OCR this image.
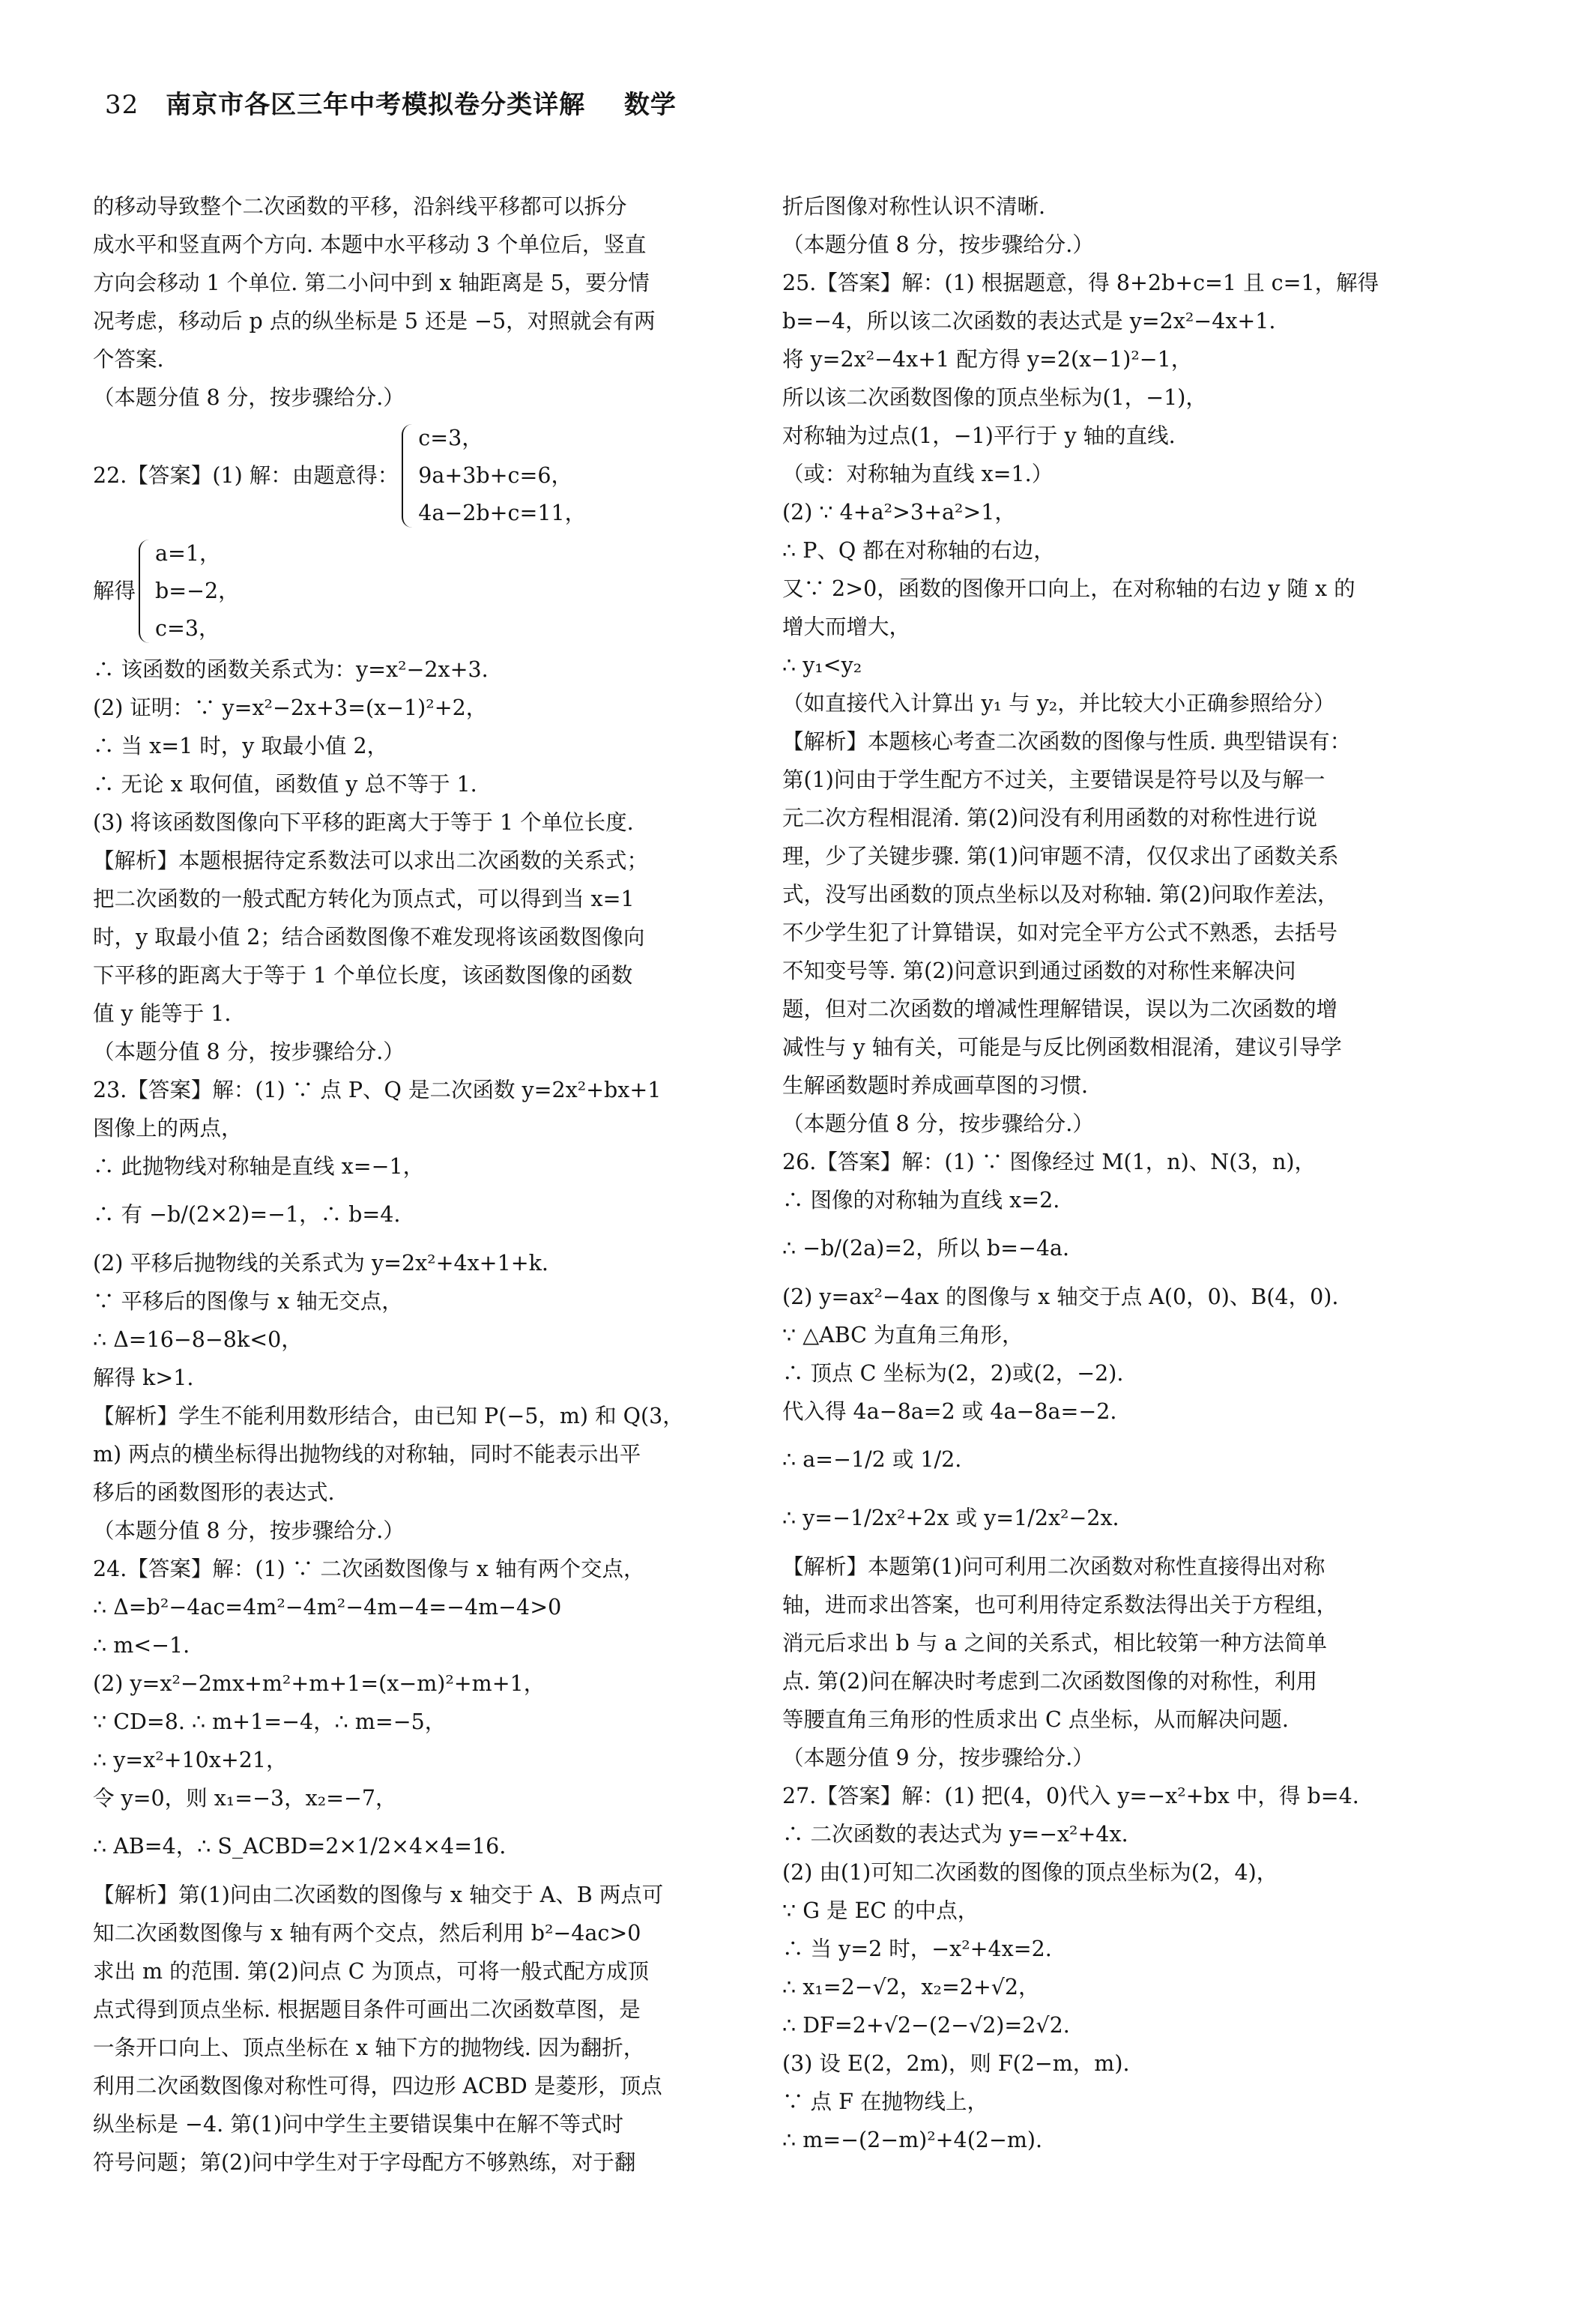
32 南京市各区三年中考模拟卷分类详解 数学
的移动导致整个二次函数的平移，沿斜线平移都可以拆分
成水平和竖直两个方向. 本题中水平移动 3 个单位后，竖直
方向会移动 1 个单位. 第二小问中到 x 轴距离是 5，要分情
况考虑，移动后 p 点的纵坐标是 5 还是 −5，对照就会有两
个答案.
（本题分值 8 分，按步骤给分.）
22.【答案】(1) 解：由题意得：
c=3，
9a+3b+c=6，
4a−2b+c=11，
解得
a=1，
b=−2，
c=3，
∴ 该函数的函数关系式为：y=x²−2x+3.
(2) 证明：∵ y=x²−2x+3=(x−1)²+2，
∴ 当 x=1 时，y 取最小值 2，
∴ 无论 x 取何值，函数值 y 总不等于 1.
(3) 将该函数图像向下平移的距离大于等于 1 个单位长度.
【解析】本题根据待定系数法可以求出二次函数的关系式；
把二次函数的一般式配方转化为顶点式，可以得到当 x=1
时，y 取最小值 2；结合函数图像不难发现将该函数图像向
下平移的距离大于等于 1 个单位长度，该函数图像的函数
值 y 能等于 1.
（本题分值 8 分，按步骤给分.）
23.【答案】解：(1) ∵ 点 P、Q 是二次函数 y=2x²+bx+1
图像上的两点，
∴ 此抛物线对称轴是直线 x=−1，
∴ 有 −b/(2×2)=−1，∴ b=4.
(2) 平移后抛物线的关系式为 y=2x²+4x+1+k.
∵ 平移后的图像与 x 轴无交点，
∴ Δ=16−8−8k<0，
解得 k>1.
【解析】学生不能利用数形结合，由已知 P(−5，m) 和 Q(3，
m) 两点的横坐标得出抛物线的对称轴，同时不能表示出平
移后的函数图形的表达式.
（本题分值 8 分，按步骤给分.）
24.【答案】解：(1) ∵ 二次函数图像与 x 轴有两个交点，
∴ Δ=b²−4ac=4m²−4m²−4m−4=−4m−4>0
∴ m<−1.
(2) y=x²−2mx+m²+m+1=(x−m)²+m+1，
∵ CD=8. ∴ m+1=−4，∴ m=−5，
∴ y=x²+10x+21，
令 y=0，则 x₁=−3，x₂=−7，
∴ AB=4，∴ S_ACBD=2×1/2×4×4=16.
【解析】第(1)问由二次函数的图像与 x 轴交于 A、B 两点可
知二次函数图像与 x 轴有两个交点，然后利用 b²−4ac>0
求出 m 的范围. 第(2)问点 C 为顶点，可将一般式配方成顶
点式得到顶点坐标. 根据题目条件可画出二次函数草图，是
一条开口向上、顶点坐标在 x 轴下方的抛物线. 因为翻折，
利用二次函数图像对称性可得，四边形 ACBD 是菱形，顶点
纵坐标是 −4. 第(1)问中学生主要错误集中在解不等式时
符号问题；第(2)问中学生对于字母配方不够熟练，对于翻
折后图像对称性认识不清晰.
（本题分值 8 分，按步骤给分.）
25.【答案】解：(1) 根据题意，得 8+2b+c=1 且 c=1，解得
b=−4，所以该二次函数的表达式是 y=2x²−4x+1.
将 y=2x²−4x+1 配方得 y=2(x−1)²−1，
所以该二次函数图像的顶点坐标为(1，−1)，
对称轴为过点(1，−1)平行于 y 轴的直线.
（或：对称轴为直线 x=1.）
(2) ∵ 4+a²>3+a²>1，
∴ P、Q 都在对称轴的右边，
又∵ 2>0，函数的图像开口向上，在对称轴的右边 y 随 x 的
增大而增大，
∴ y₁<y₂
（如直接代入计算出 y₁ 与 y₂，并比较大小正确参照给分）
【解析】本题核心考查二次函数的图像与性质. 典型错误有：
第(1)问由于学生配方不过关，主要错误是符号以及与解一
元二次方程相混淆. 第(2)问没有利用函数的对称性进行说
理，少了关键步骤. 第(1)问审题不清，仅仅求出了函数关系
式，没写出函数的顶点坐标以及对称轴. 第(2)问取作差法，
不少学生犯了计算错误，如对完全平方公式不熟悉，去括号
不知变号等. 第(2)问意识到通过函数的对称性来解决问
题，但对二次函数的增减性理解错误，误以为二次函数的增
减性与 y 轴有关，可能是与反比例函数相混淆，建议引导学
生解函数题时养成画草图的习惯.
（本题分值 8 分，按步骤给分.）
26.【答案】解：(1) ∵ 图像经过 M(1，n)、N(3，n)，
∴ 图像的对称轴为直线 x=2.
∴ −b/(2a)=2，所以 b=−4a.
(2) y=ax²−4ax 的图像与 x 轴交于点 A(0，0)、B(4，0).
∵ △ABC 为直角三角形，
∴ 顶点 C 坐标为(2，2)或(2，−2).
代入得 4a−8a=2 或 4a−8a=−2.
∴ a=−1/2 或 1/2.
∴ y=−1/2x²+2x 或 y=1/2x²−2x.
【解析】本题第(1)问可利用二次函数对称性直接得出对称
轴，进而求出答案，也可利用待定系数法得出关于方程组，
消元后求出 b 与 a 之间的关系式，相比较第一种方法简单
点. 第(2)问在解决时考虑到二次函数图像的对称性，利用
等腰直角三角形的性质求出 C 点坐标，从而解决问题.
（本题分值 9 分，按步骤给分.）
27.【答案】解：(1) 把(4，0)代入 y=−x²+bx 中，得 b=4.
∴ 二次函数的表达式为 y=−x²+4x.
(2) 由(1)可知二次函数的图像的顶点坐标为(2，4)，
∵ G 是 EC 的中点，
∴ 当 y=2 时，−x²+4x=2.
∴ x₁=2−√2，x₂=2+√2，
∴ DF=2+√2−(2−√2)=2√2.
(3) 设 E(2，2m)，则 F(2−m，m).
∵ 点 F 在抛物线上，
∴ m=−(2−m)²+4(2−m).
